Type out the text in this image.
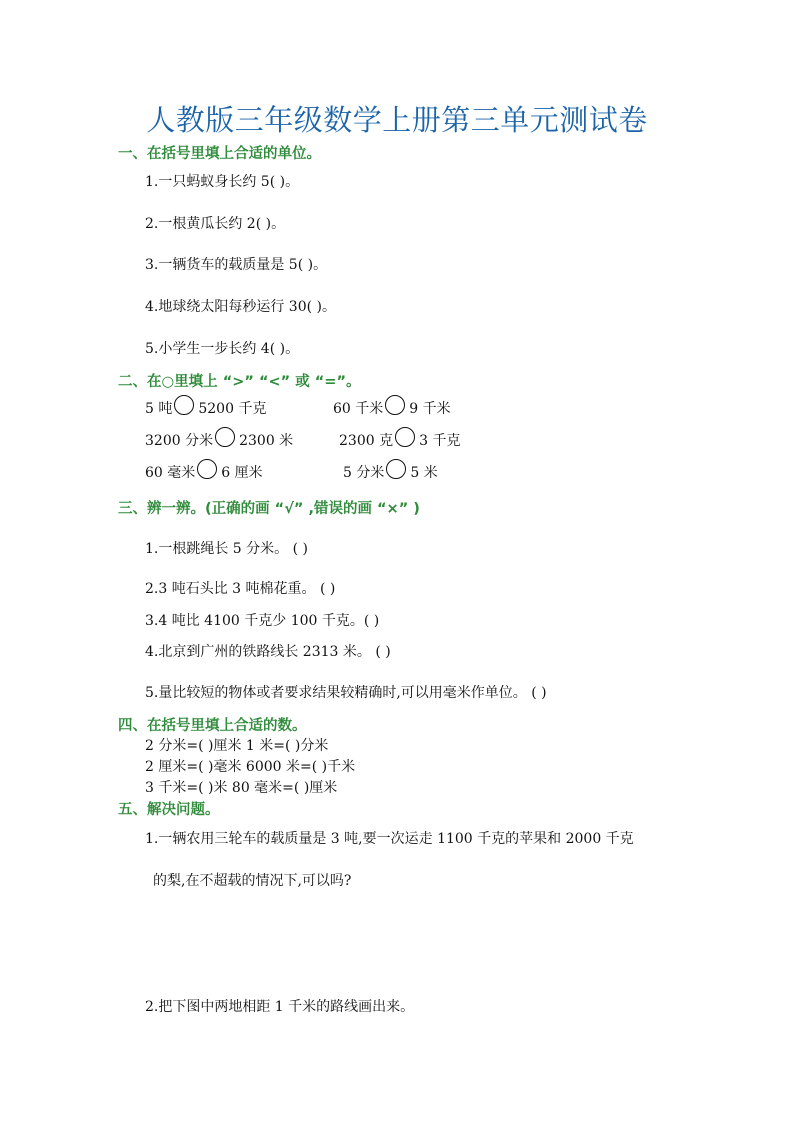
人教版三年级数学上册第三单元测试卷
一、在括号里填上合适的单位。
1.一只蚂蚁身长约 5( )。
2.一根黄瓜长约 2( )。
3.一辆货车的载质量是 5( )。
4.地球绕太阳每秒运行 30( )。
5.小学生一步长约 4( )。
二、在○里填上 “>” “<” 或 “=”。
5 吨 5200 千克	60 千米 9 千米
3200 分米 2300 米	2300 克 3 千克
60 毫米 6 厘米	5 分米 5 米
三、辨一辨。(正确的画 “√” ,错误的画 “×” )
1.一根跳绳长 5 分米。 ( )
2.3 吨石头比 3 吨棉花重。 ( )
3.4 吨比 4100 千克少 100 千克。( )
4.北京到广州的铁路线长 2313 米。 ( )
5.量比较短的物体或者要求结果较精确时,可以用毫米作单位。 ( )
四、在括号里填上合适的数。
2 分米=( )厘米 1 米=( )分米
2 厘米=( )毫米 6000 米=( )千米
3 千米=( )米 80 毫米=( )厘米
五、解决问题。
1.一辆农用三轮车的载质量是 3 吨,要一次运走 1100 千克的苹果和 2000 千克
的梨,在不超载的情况下,可以吗?
2.把下图中两地相距 1 千米的路线画出来。
